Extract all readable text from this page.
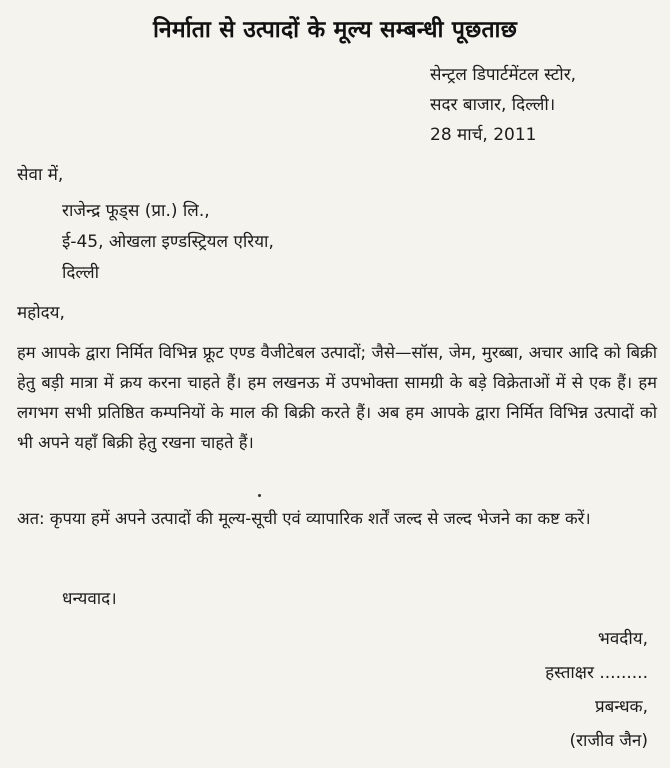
निर्माता से उत्पादों के मूल्य सम्बन्धी पूछताछ
सेन्ट्रल डिपार्टमेंटल स्टोर,
सदर बाजार, दिल्ली।
28 मार्च, 2011
सेवा में,
राजेन्द्र फूड्स (प्रा.) लि.,
ई-45, ओखला इण्डस्ट्रियल एरिया,
दिल्ली
महोदय,
हम आपके द्वारा निर्मित विभिन्न फ्रूट एण्ड वैजीटेबल उत्पादों; जैसे—सॉस, जेम, मुरब्बा, अचार आदि को बिक्री हेतु बड़ी मात्रा में क्रय करना चाहते हैं। हम लखनऊ में उपभोक्ता सामग्री के बड़े विक्रेताओं में से एक हैं। हम लगभग सभी प्रतिष्ठित कम्पनियों के माल की बिक्री करते हैं। अब हम आपके द्वारा निर्मित विभिन्न उत्पादों को भी अपने यहाँ बिक्री हेतु रखना चाहते हैं।
अत: कृपया हमें अपने उत्पादों की मूल्य-सूची एवं व्यापारिक शर्तें जल्द से जल्द भेजने का कष्ट करें।
धन्यवाद।
भवदीय,
हस्ताक्षर .........
प्रबन्धक,
(राजीव जैन)
